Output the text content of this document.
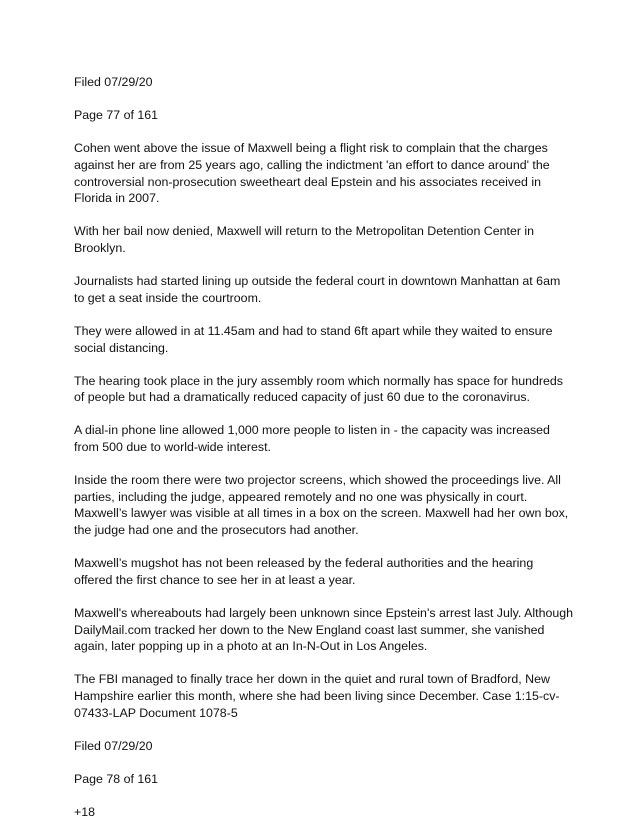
Filed 07/29/20

Page 77 of 161

Cohen went above the issue of Maxwell being a flight risk to complain that the charges against her are from 25 years ago, calling the indictment 'an effort to dance around' the controversial non-prosecution sweetheart deal Epstein and his associates received in Florida in 2007.

With her bail now denied, Maxwell will return to the Metropolitan Detention Center in Brooklyn.

Journalists had started lining up outside the federal court in downtown Manhattan at 6am to get a seat inside the courtroom.

They were allowed in at 11.45am and had to stand 6ft apart while they waited to ensure social distancing.

The hearing took place in the jury assembly room which normally has space for hundreds of people but had a dramatically reduced capacity of just 60 due to the coronavirus.

A dial-in phone line allowed 1,000 more people to listen in - the capacity was increased from 500 due to world-wide interest.

Inside the room there were two projector screens, which showed the proceedings live. All parties, including the judge, appeared remotely and no one was physically in court. Maxwell’s lawyer was visible at all times in a box on the screen. Maxwell had her own box, the judge had one and the prosecutors had another.

Maxwell’s mugshot has not been released by the federal authorities and the hearing offered the first chance to see her in at least a year.

Maxwell's whereabouts had largely been unknown since Epstein's arrest last July. Although DailyMail.com tracked her down to the New England coast last summer, she vanished again, later popping up in a photo at an In-N-Out in Los Angeles.

The FBI managed to finally trace her down in the quiet and rural town of Bradford, New Hampshire earlier this month, where she had been living since December. Case 1:15-cv-07433-LAP Document 1078-5

Filed 07/29/20

Page 78 of 161

+18
